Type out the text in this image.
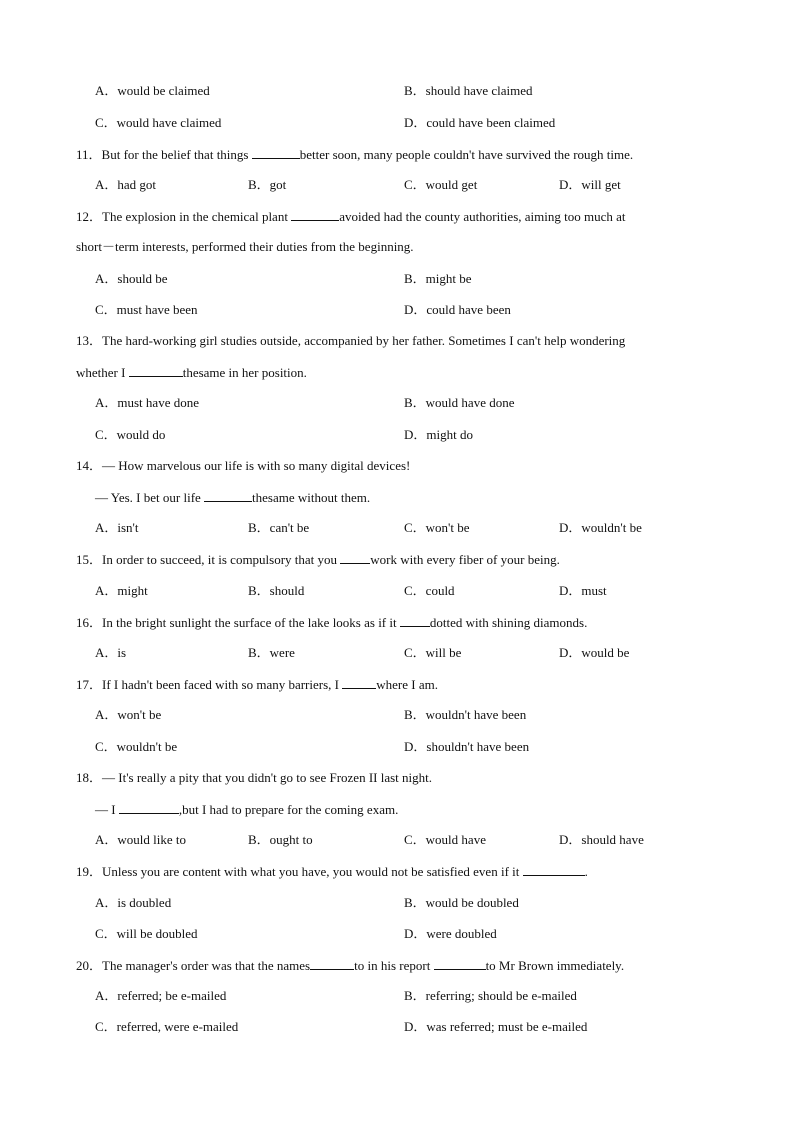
A．would be claimed	B．should have claimed
C．would have claimed	D．could have been claimed
11．But for the belief that things	better soon, many people couldn't have survived the rough time.
A．had got	B．got	C．would get	D．will get
12．The explosion in the chemical plant	avoided had the county authorities, aiming too much at
short－term interests, performed their duties from the beginning.
A．should be	B．might be
C．must have been	D．could have been
13．The hard-working girl studies outside, accompanied by her father. Sometimes I can't help wondering
whether I	thesame in her position.
A．must have done	B．would have done
C．would do	D．might do
14．— How marvelous our life is with so many digital devices!
— Yes. I bet our life	thesame without them.
A．isn't	B．can't be	C．won't be	D．wouldn't be
15．In order to succeed, it is compulsory that you work with every fiber of your being.
A．might	B．should	C．could	D．must
16．In the bright sunlight the surface of the lake looks as if it dotted with shining diamonds.
A．is	B．were	C．will be	D．would be
17．If I hadn't been faced with so many barriers, I	where I am.
A．won't be	B．wouldn't have been
C．wouldn't be	D．shouldn't have been
18．— It's really a pity that you didn't go to see Frozen II last night.
— I	,but I had to prepare for the coming exam.
A．would like to	B．ought to	C．would have	D．should have
19．Unless you are content with what you have, you would not be satisfied even if it	.
A．is doubled	B．would be doubled
C．will be doubled	D．were doubled
20．The manager's order was that the names	to in his report	to Mr Brown immediately.
A．referred; be e-mailed	B．referring; should be e-mailed
C．referred, were e-mailed	D．was referred; must be e-mailed
